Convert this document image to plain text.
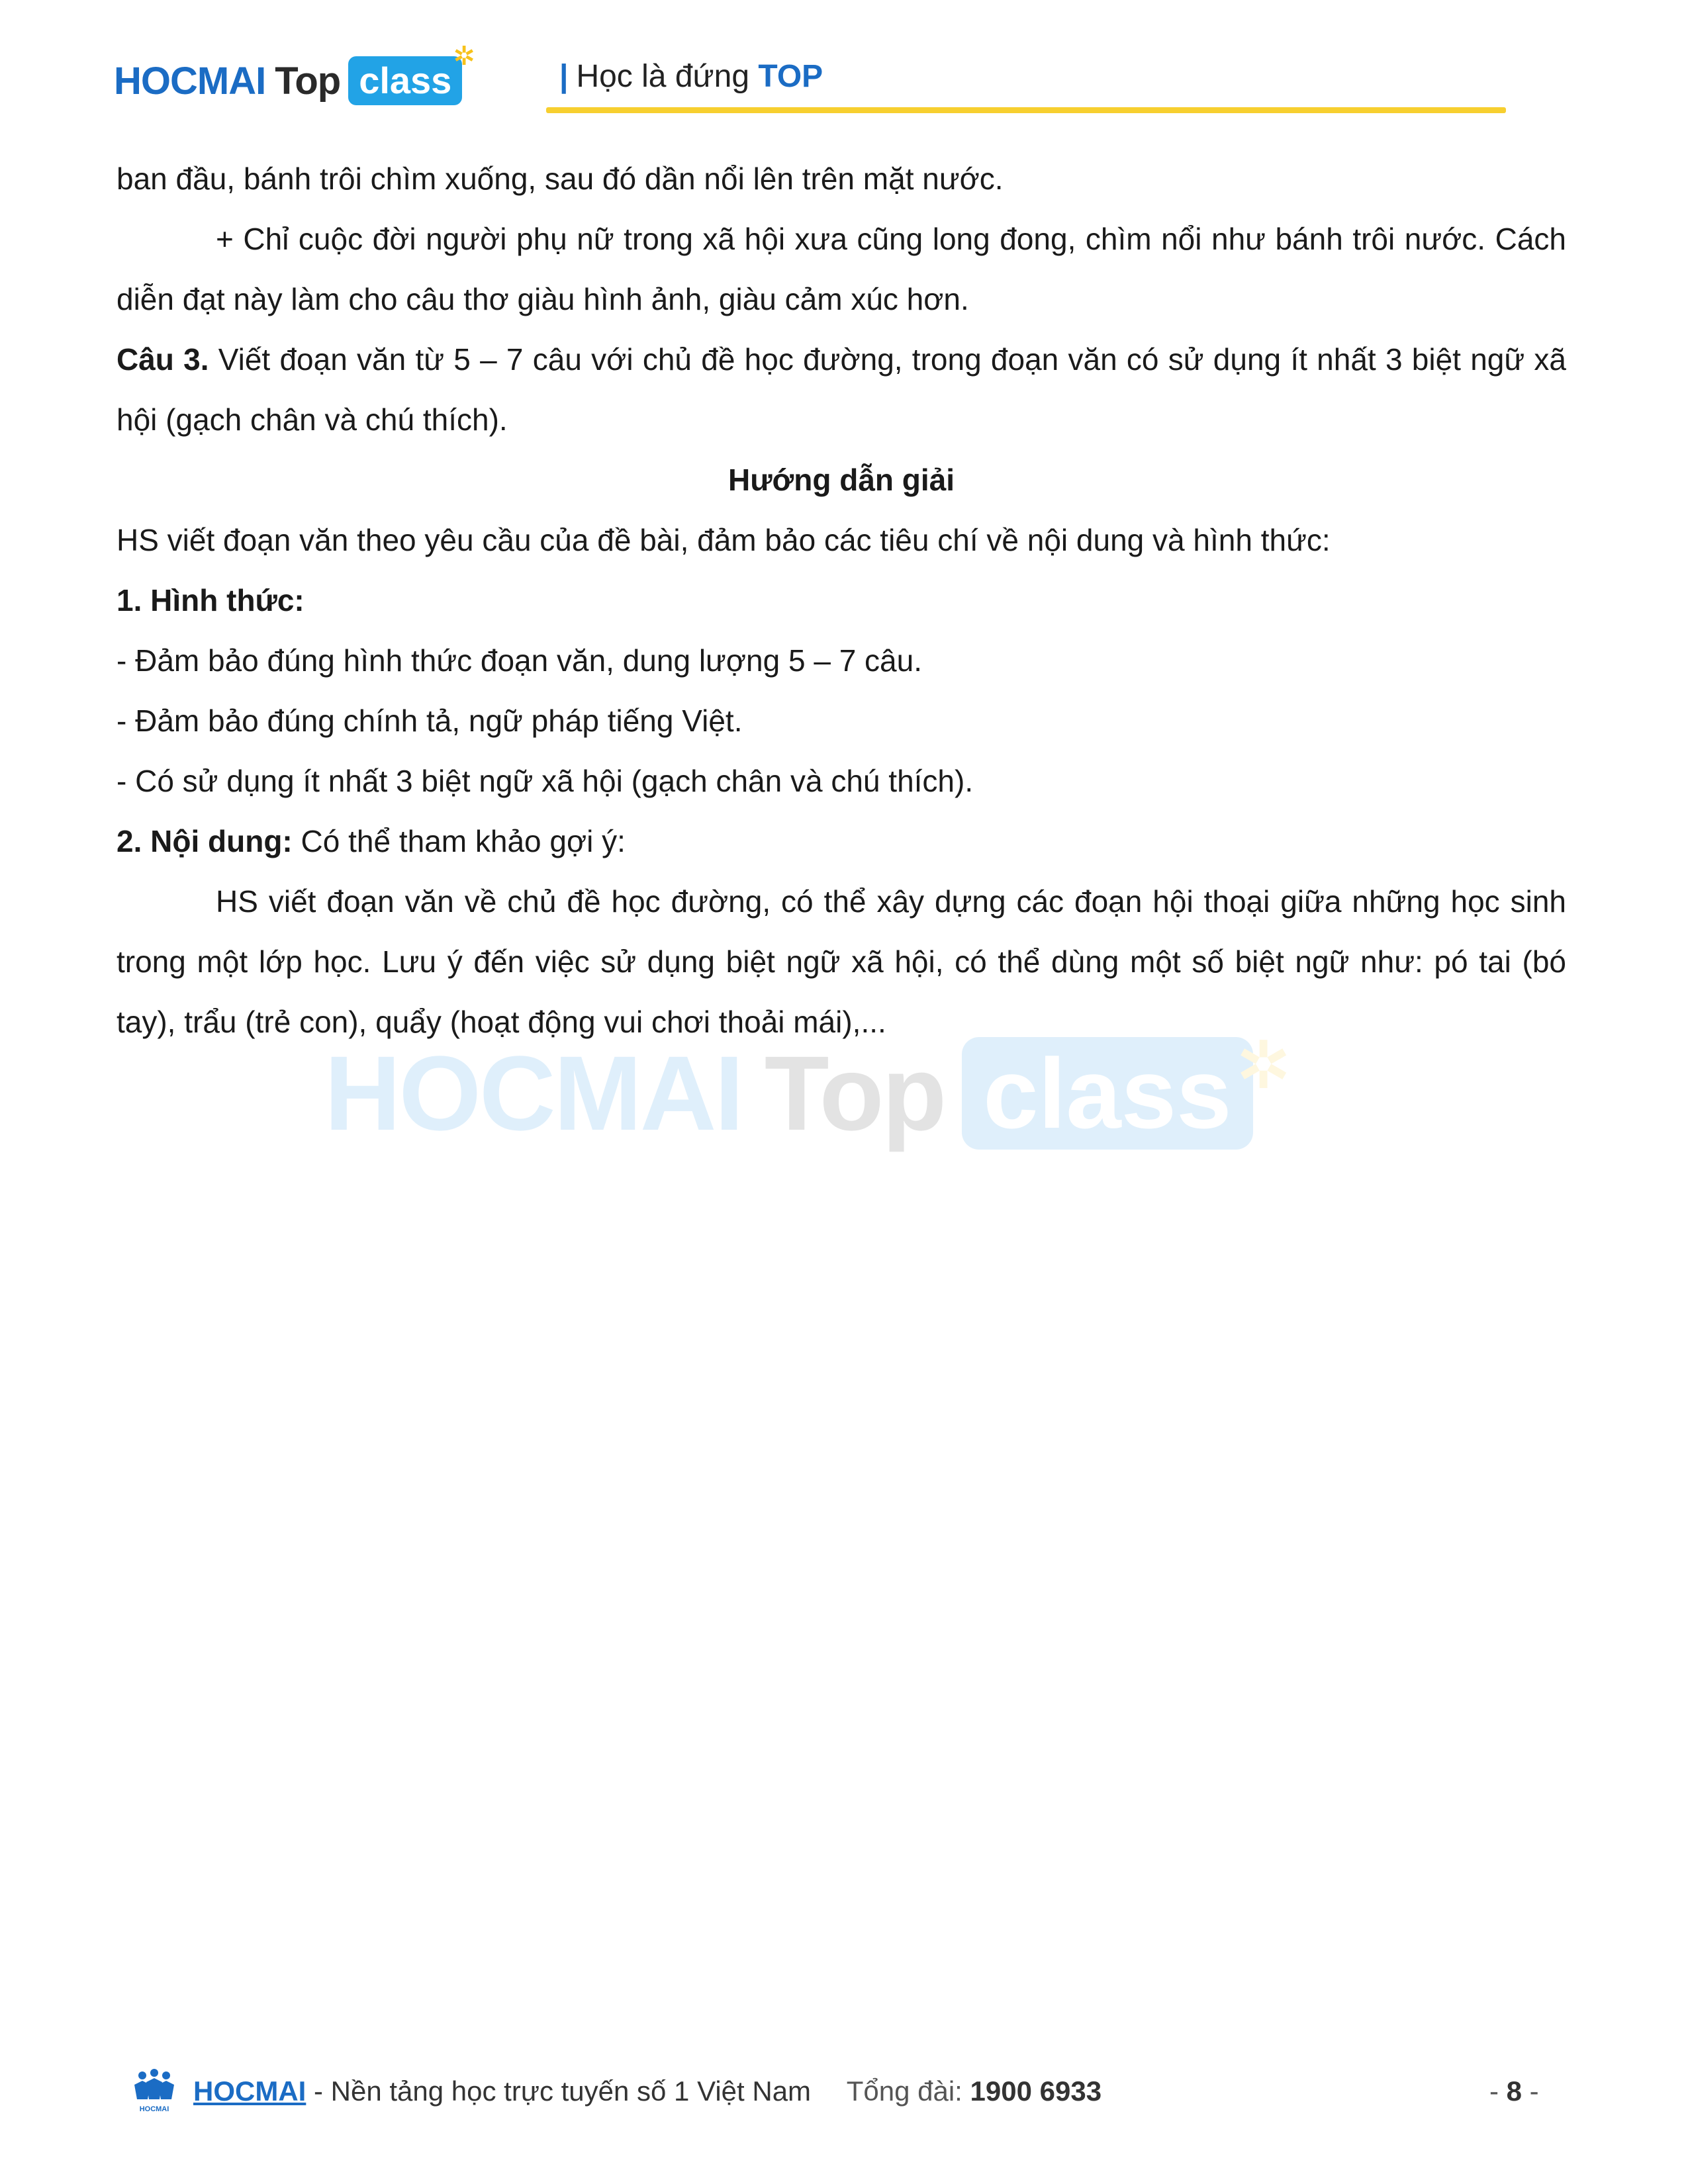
HOCMAI Top class
✲
| Học là đứng TOP
HOCMAI Top class ✲

ban đầu, bánh trôi chìm xuống, sau đó dần nổi lên trên mặt nước.

+ Chỉ cuộc đời người phụ nữ trong xã hội xưa cũng long đong, chìm nổi như bánh trôi nước. Cách diễn đạt này làm cho câu thơ giàu hình ảnh, giàu cảm xúc hơn.

Câu 3. Viết đoạn văn từ 5 – 7 câu với chủ đề học đường, trong đoạn văn có sử dụng ít nhất 3 biệt ngữ xã hội (gạch chân và chú thích).

Hướng dẫn giải

HS viết đoạn văn theo yêu cầu của đề bài, đảm bảo các tiêu chí về nội dung và hình thức:

1. Hình thức:

- Đảm bảo đúng hình thức đoạn văn, dung lượng 5 – 7 câu.

- Đảm bảo đúng chính tả, ngữ pháp tiếng Việt.

- Có sử dụng ít nhất 3 biệt ngữ xã hội (gạch chân và chú thích).

2. Nội dung: Có thể tham khảo gợi ý:

HS viết đoạn văn về chủ đề học đường, có thể xây dựng các đoạn hội thoại giữa những học sinh trong một lớp học. Lưu ý đến việc sử dụng biệt ngữ xã hội, có thể dùng một số biệt ngữ như: pó tai (bó tay), trẩu (trẻ con), quẩy (hoạt động vui chơi thoải mái),...

HOCMAI
HOCMAI - Nền tảng học trực tuyến số 1 Việt Nam Tổng đài: 1900 6933	- 8 -
